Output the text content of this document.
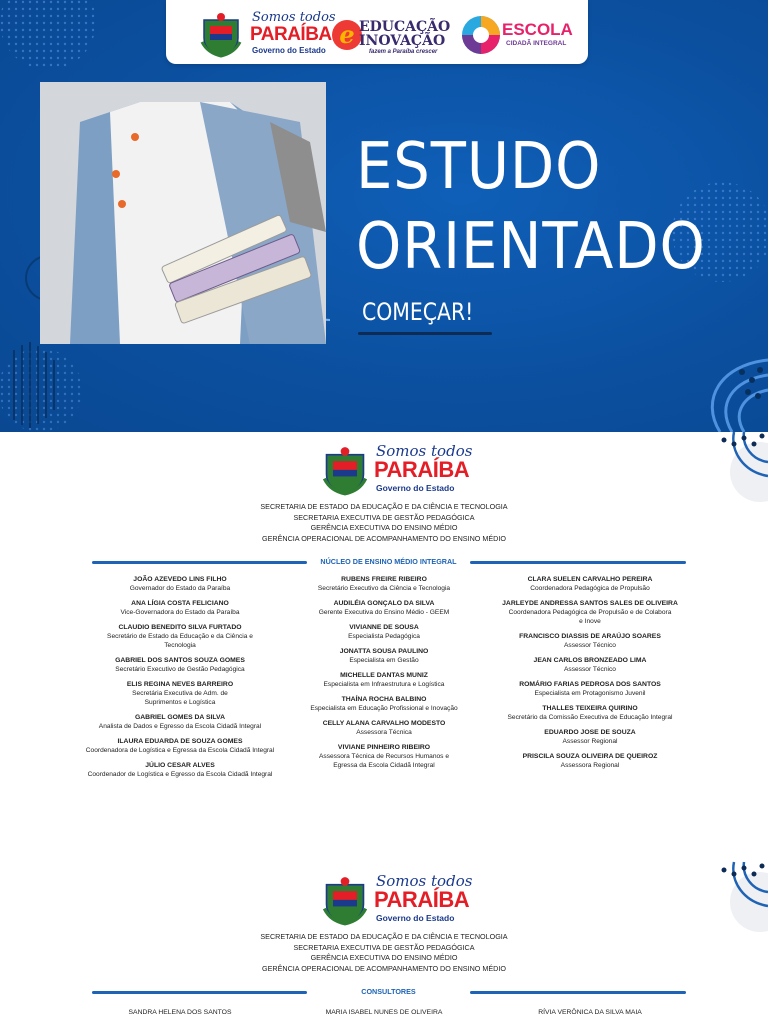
Somos todos
PARAÍBA
Governo do Estado
e EDUCAÇÃO
INOVAÇÃO
fazem a Paraíba crescer
ESCOLA
CIDADÃ INTEGRAL
ESTUDO
ORIENTADO
COMEÇAR!
Somos todos
PARAÍBA
Governo do Estado
SECRETARIA DE ESTADO DA EDUCAÇÃO E DA CIÊNCIA E TECNOLOGIA
SECRETARIA EXECUTIVA DE GESTÃO PEDAGÓGICA
GERÊNCIA EXECUTIVA DO ENSINO MÉDIO
GERÊNCIA OPERACIONAL DE ACOMPANHAMENTO DO ENSINO MÉDIO
NÚCLEO DE ENSINO MÉDIO INTEGRAL
JOÃO AZEVEDO LINS FILHO
Governador do Estado da Paraíba
ANA LÍGIA COSTA FELICIANO
Vice-Governadora do Estado da Paraíba
CLAUDIO BENEDITO SILVA FURTADO
Secretário de Estado da Educação e da Ciência e Tecnologia
GABRIEL DOS SANTOS SOUZA GOMES
Secretário Executivo de Gestão Pedagógica
ELIS REGINA NEVES BARREIRO
Secretária Executiva de Adm. de Suprimentos e Logística
GABRIEL GOMES DA SILVA
Analista de Dados e Egresso da Escola Cidadã Integral
ILAURA EDUARDA DE SOUZA GOMES
Coordenadora de Logística e Egressa da Escola Cidadã Integral
JÚLIO CESAR ALVES
Coordenador de Logística e Egresso da Escola Cidadã Integral
RUBENS FREIRE RIBEIRO
Secretário Executivo da Ciência e Tecnologia
AUDILÉIA GONÇALO DA SILVA
Gerente Executiva do Ensino Médio - GEEM
VIVIANNE DE SOUSA
Especialista Pedagógica
JONATTA SOUSA PAULINO
Especialista em Gestão
MICHELLE DANTAS MUNIZ
Especialista em Infraestrutura e Logística
THAÍNA ROCHA BALBINO
Especialista em Educação Profissional e Inovação
CELLY ALANA CARVALHO MODESTO
Assessora Técnica
VIVIANE PINHEIRO RIBEIRO
Assessora Técnica de Recursos Humanos e Egressa da Escola Cidadã Integral
CLARA SUELEN CARVALHO PEREIRA
Coordenadora Pedagógica de Propulsão
JARLEYDE ANDRESSA SANTOS SALES DE OLIVEIRA
Coordenadora Pedagógica de Propulsão e de Colabora e Inove
FRANCISCO DIASSIS DE ARAÚJO SOARES
Assessor Técnico
JEAN CARLOS BRONZEADO LIMA
Assessor Técnico
ROMÁRIO FARIAS PEDROSA DOS SANTOS
Especialista em Protagonismo Juvenil
THALLES TEIXEIRA QUIRINO
Secretário da Comissão Executiva de Educação Integral
EDUARDO JOSE DE SOUZA
Assessor Regional
PRISCILA SOUZA OLIVEIRA DE QUEIROZ
Assessora Regional
Somos todos
PARAÍBA
Governo do Estado
SECRETARIA DE ESTADO DA EDUCAÇÃO E DA CIÊNCIA E TECNOLOGIA
SECRETARIA EXECUTIVA DE GESTÃO PEDAGÓGICA
GERÊNCIA EXECUTIVA DO ENSINO MÉDIO
GERÊNCIA OPERACIONAL DE ACOMPANHAMENTO DO ENSINO MÉDIO
CONSULTORES
SANDRA HELENA DOS SANTOS	MARIA ISABEL NUNES DE OLIVEIRA	RÍVIA VERÔNICA DA SILVA MAIA
